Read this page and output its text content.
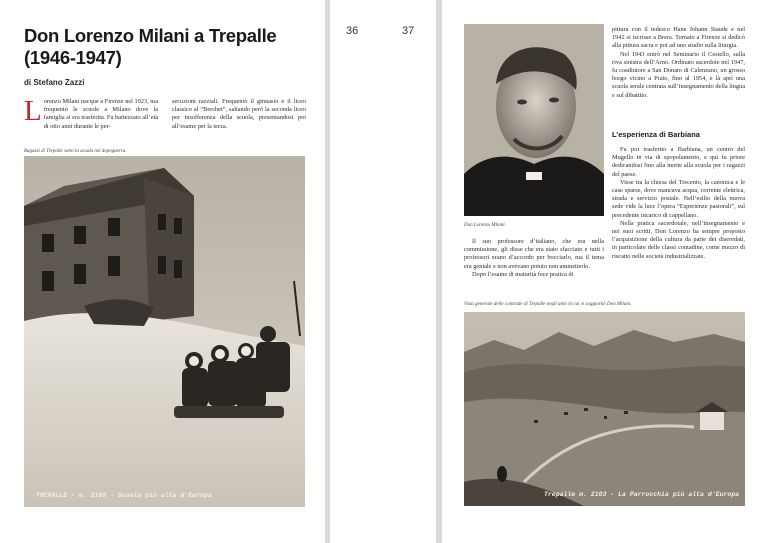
Don Lorenzo Milani a Trepalle (1946-1947)
di Stefano Zazzi
L orenzo Milani nacque a Firenze nel 1923, ma frequentò le scuole a Milano dove la famiglia si era trasferita. Fu battezzato all’età di otto anni durante le per-
secuzioni razziali. Frequentò il ginnasio e il liceo classico al “Berchet”, saltando però la seconda liceo per insofferenza della scuola, presentandosi poi all’esame per la terza.
Ragazzi di Trepalle sotto la scuola nel dopoguerra.
TREPALLE - m. 2100 - Scuola più alta d'Europa
36	37
Don Lorenzo Milani.

Il suo professore d’italiano, che era nella commissione, gli disse che era stato sfacciato e tutti i professori erano d’accordo per bocciarlo, ma il tema era geniale e non avevano potuto non ammetterlo.

Dopo l’esame di maturità fece pratica di

pittura con il tedesco Hans Johann Staude e nel 1942 si iscrisse a Brera. Tornato a Firenze si dedicò alla pittura sacra e poi ad uno studio sulla liturgia.

Nel 1943 entrò nel Seminario il Cestello, sulla riva sinistra dell’Arno. Ordinato sacerdote nel 1947, fu coadiutore a San Donato di Calenzano, un grosso borgo vicino a Prato, fino al 1954, e là aprì una scuola serale centrata sull’insegnamento della lingua e sul dibattito.

L’esperienza di Barbiana

Fu poi trasferito a Barbiana, un centro del Mugello in via di spopolamento, e qui fu priore dedicandosi fino alla morte alla scuola per i ragazzi del paese.

Visse tra la chiesa del Trecento, la canonica e le case sparse, dove mancava acqua, corrente elettrica, strada e servizio postale. Nell’esilio della nuova sede vide la luce l’opera “Esperienze pastorali”, sul precedente incarico di cappellano.

Nella pratica sacerdotale, nell’insegnamento e nei suoi scritti, Don Lorenzo ha sempre proposto l’acquisizione della cultura da parte dei diseredati, in particolare delle classi contadine, come mezzo di riscatto nelle società industrializzate.

Vista generale delle contrade di Trepalle negli anni in cui vi soggiornò Don Milani.
Trepalle m. 2103 - La Parrocchia più alta d'Europa
